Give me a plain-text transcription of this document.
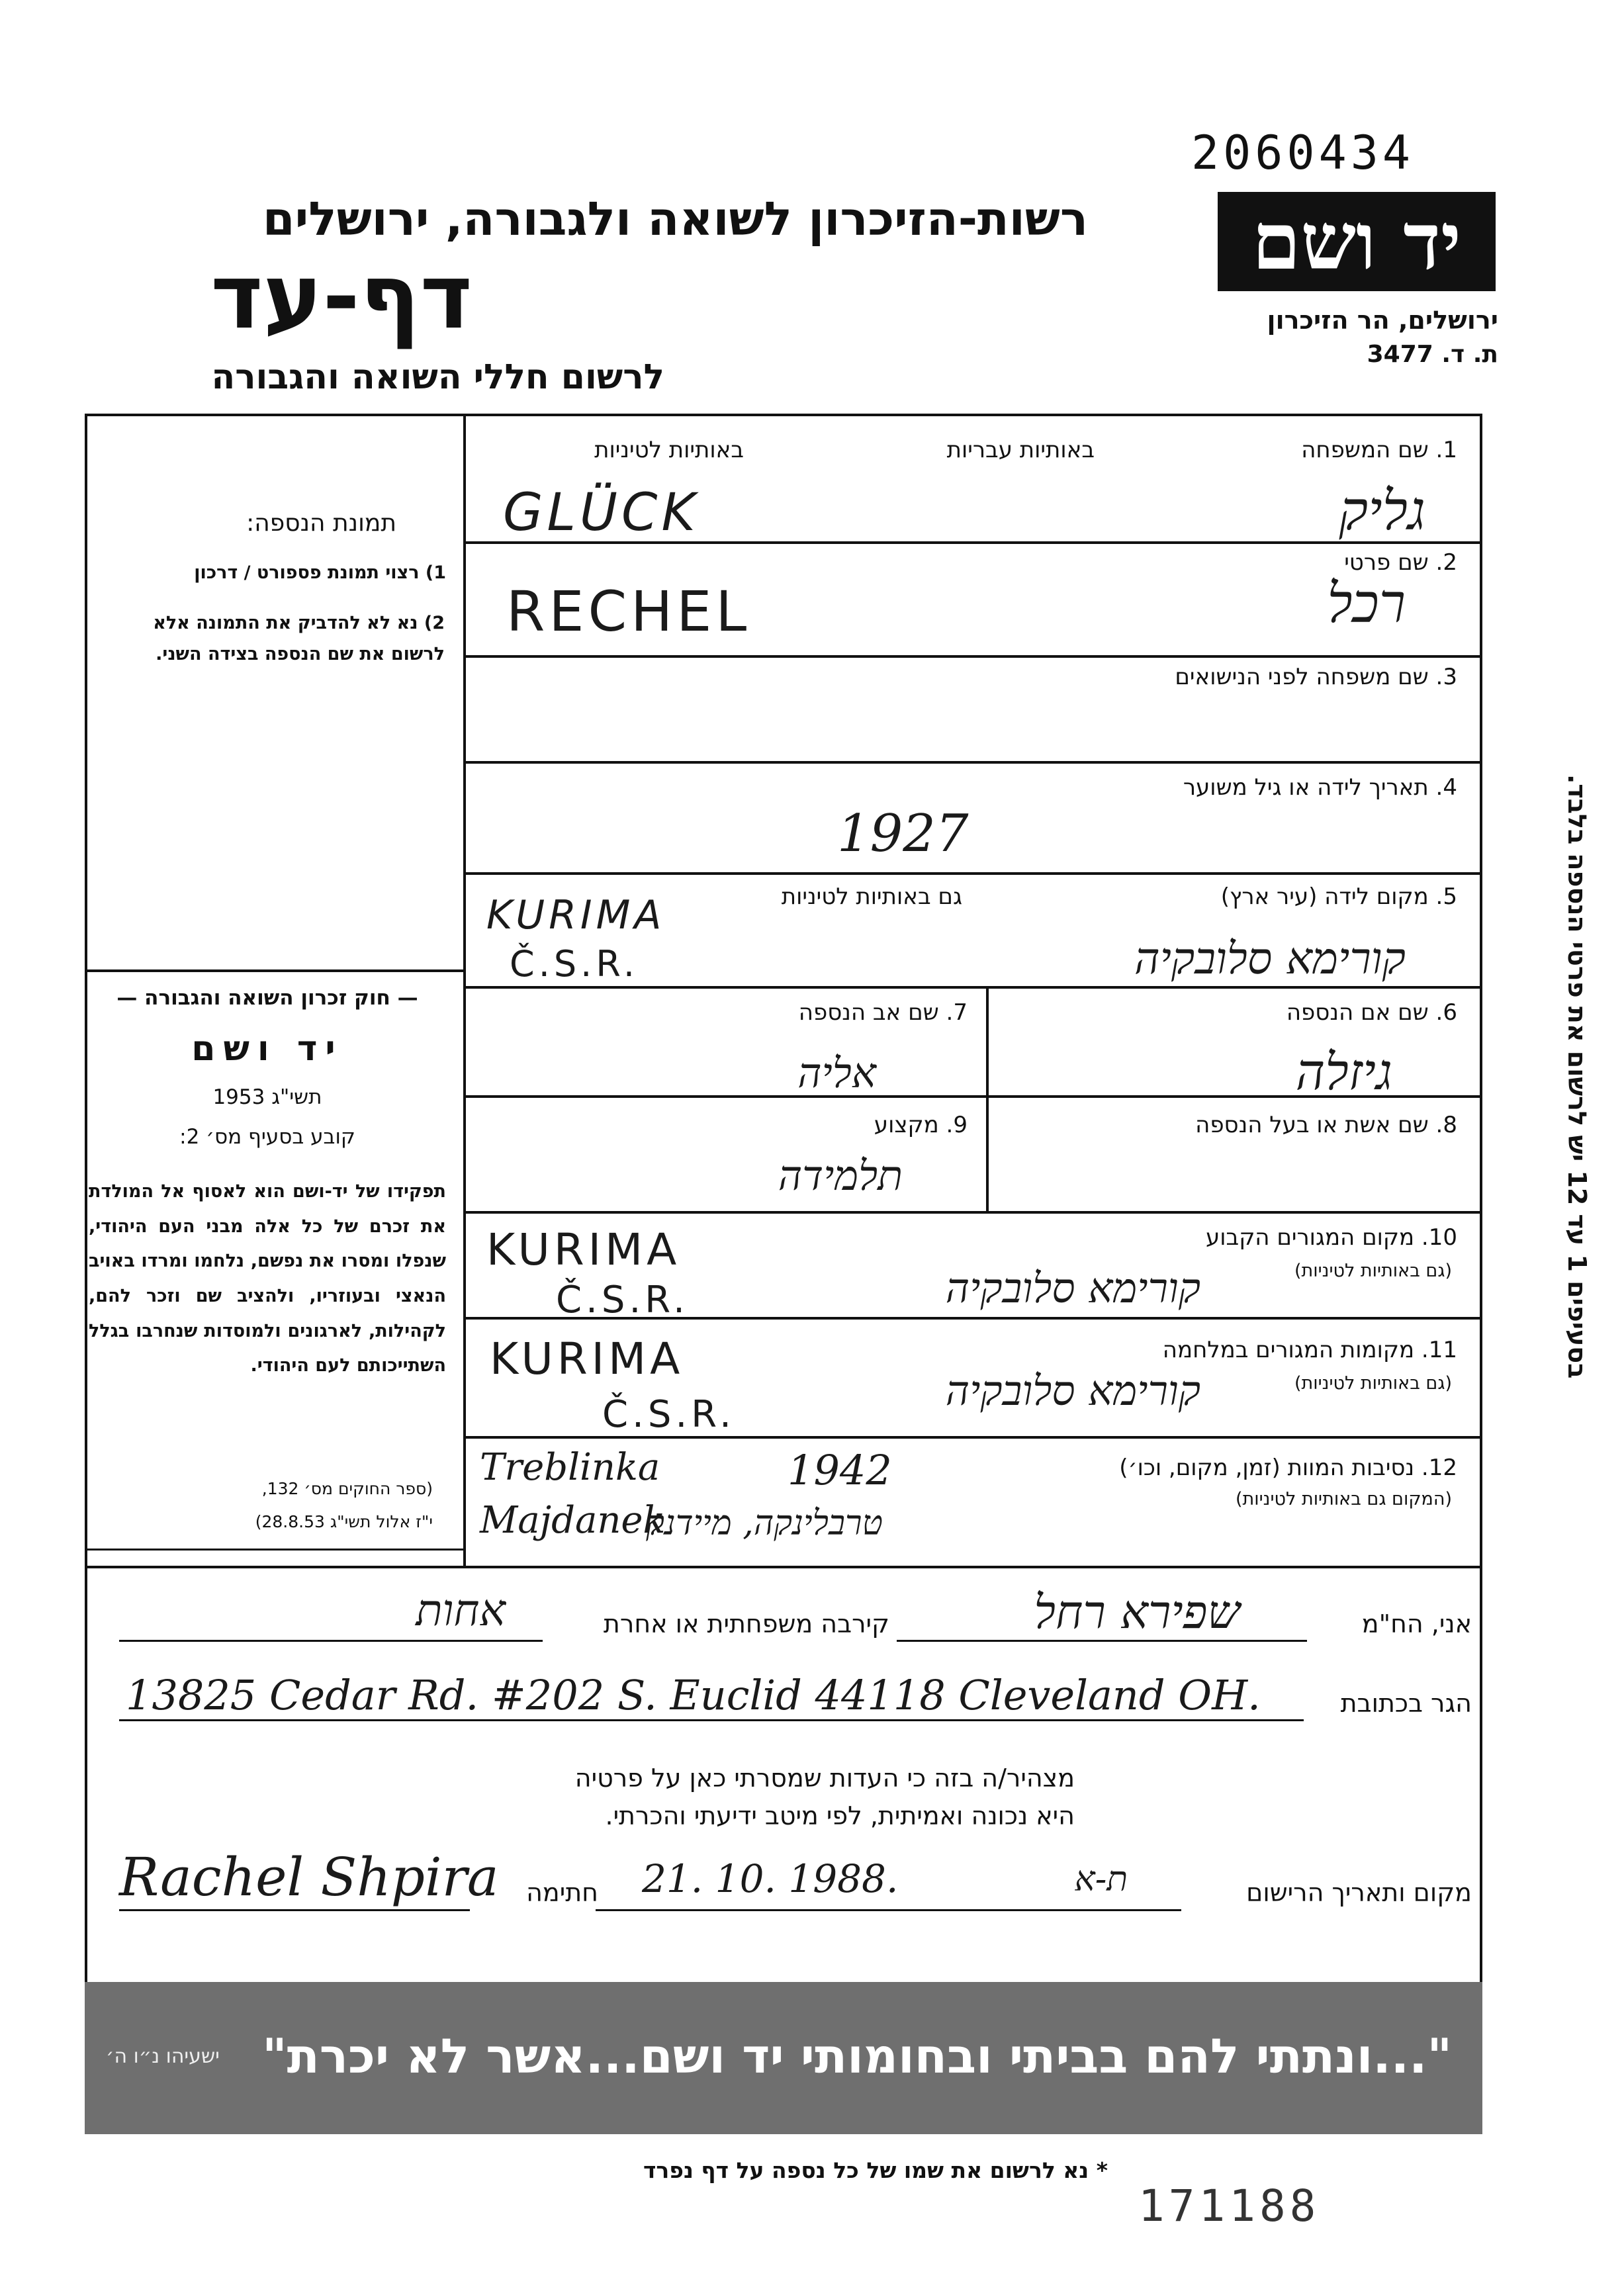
2060434
יד ושם
ירושלים, הר הזיכרון
ת. ד. 3477
רשות-הזיכרון לשואה ולגבורה, ירושלים
דף-עד
לרשום חללי השואה והגבורה
תמונת הנספה:
1) רצוי תמונת פספורט / דרכון
2) נא לא להדביק את התמונה אלא לרשום את שם הנספה בצידה השני.
— חוק זכרון השואה והגבורה —
יד ושם
תשי"ג 1953
קובע בסעיף מס׳ 2:
תפקידו של יד-ושם הוא לאסוף אל המולדת את זכרם של כל אלה מבני העם היהודי, שנפלו ומסרו את נפשם, נלחמו ומרדו באויב הנאצי ובעוזריו, ולהציב שם וזכר להם, לקהילות, לארגונים ולמוסדות שנחרבו בגלל השתייכותם לעם היהודי.
(ספר החוקים מס׳ 132,
י"ז אלול תשי"ג 28.8.53)
1. שם המשפחה
באותיות עבריות
באותיות לטיניות
GLÜCK	גליק
2. שם פרטי
RECHEL	רכל
3. שם משפחה לפני הנישואים
4. תאריך לידה או גיל משוער
1927
5. מקום לידה (עיר ארץ)
גם באותיות לטיניות
KURIMA
Č.S.R.	קורימא סלובקיה
6. שם אם הנספה
גיזלה
7. שם אב הנספה
אליה
8. שם אשת או בעל הנספה
9. מקצוע
תלמידה
10. מקום המגורים הקבוע
(גם באותיות לטיניות)
KURIMA
Č.S.R.	קורימא סלובקיה
11. מקומות המגורים במלחמה
(גם באותיות לטיניות)
KURIMA
Č.S.R.	קורימא סלובקיה
12. נסיבות המוות (זמן, מקום, וכו׳)
(המקום גם באותיות לטיניות)
Treblinka	1942
Majdanek
טרבלינקה, מיידנק
בסעיפים 1 עד 12 יש לרשום את פרטי הנספה בלבד.
אני, הח"מ
שפירא רחל
קירבה משפחתית או אחרת
אחות
הגר בכתובת
13825 Cedar Rd. #202 S. Euclid 44118 Cleveland OH.
מצהיר/ה בזה כי העדות שמסרתי כאן על פרטיה
היא נכונה ואמיתית, לפי מיטב ידיעתי והכרתי.
מקום ותאריך הרישום
ת-א
21. 10. 1988.
חתימה
Rachel Shpira
"...ונתתי להם בביתי ובחומותי יד ושם...אשר לא יכרת"
ישעיהו נ״ו ה׳
* נא לרשום את שמו של כל נספה על דף נפרד
171188
